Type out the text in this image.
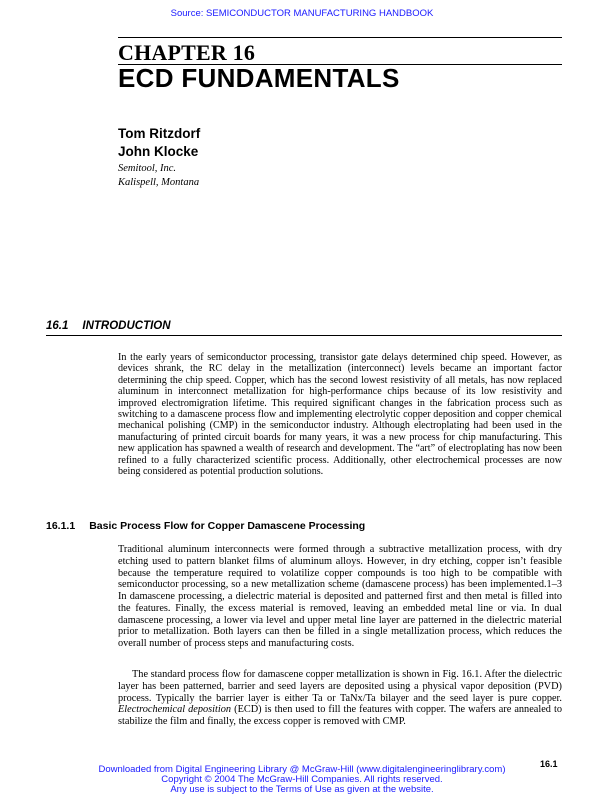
Source: SEMICONDUCTOR MANUFACTURING HANDBOOK
CHAPTER 16
ECD FUNDAMENTALS
Tom Ritzdorf
John Klocke
Semitool, Inc.
Kalispell, Montana
16.1 INTRODUCTION

In the early years of semiconductor processing, transistor gate delays determined chip speed. However, as devices shrank, the RC delay in the metallization (interconnect) levels became an important factor determining the chip speed. Copper, which has the second lowest resistivity of all metals, has now replaced aluminum in interconnect metallization for high-performance chips because of its low resistivity and improved electromigration lifetime. This required significant changes in the fabrication process such as switching to a damascene process flow and implementing electrolytic copper deposition and copper chemical mechanical polishing (CMP) in the semiconductor industry. Although electroplating had been used in the manufacturing of printed circuit boards for many years, it was a new process for chip manufacturing. This new application has spawned a wealth of research and development. The “art” of electroplating has now been refined to a fully characterized scientific process. Additionally, other electrochemical processes are now being considered as potential production solutions.

16.1.1 Basic Process Flow for Copper Damascene Processing

Traditional aluminum interconnects were formed through a subtractive metallization process, with dry etching used to pattern blanket films of aluminum alloys. However, in dry etching, copper isn’t feasible because the temperature required to volatilize copper compounds is too high to be compatible with semiconductor processing, so a new metallization scheme (damascene process) has been implemented.1–3 In damascene processing, a dielectric material is deposited and patterned first and then metal is filled into the features. Finally, the excess material is removed, leaving an embedded metal line or via. In dual damascene processing, a lower via level and upper metal line layer are patterned in the dielectric material prior to metallization. Both layers can then be filled in a single metallization process, which reduces the overall number of process steps and manufacturing costs.

The standard process flow for damascene copper metallization is shown in Fig. 16.1. After the dielectric layer has been patterned, barrier and seed layers are deposited using a physical vapor deposition (PVD) process. Typically the barrier layer is either Ta or TaNx/Ta bilayer and the seed layer is pure copper. Electrochemical deposition (ECD) is then used to fill the features with copper. The wafers are annealed to stabilize the film and finally, the excess copper is removed with CMP.

16.1
Downloaded from Digital Engineering Library @ McGraw-Hill (www.digitalengineeringlibrary.com)
Copyright © 2004 The McGraw-Hill Companies. All rights reserved.
Any use is subject to the Terms of Use as given at the website.
